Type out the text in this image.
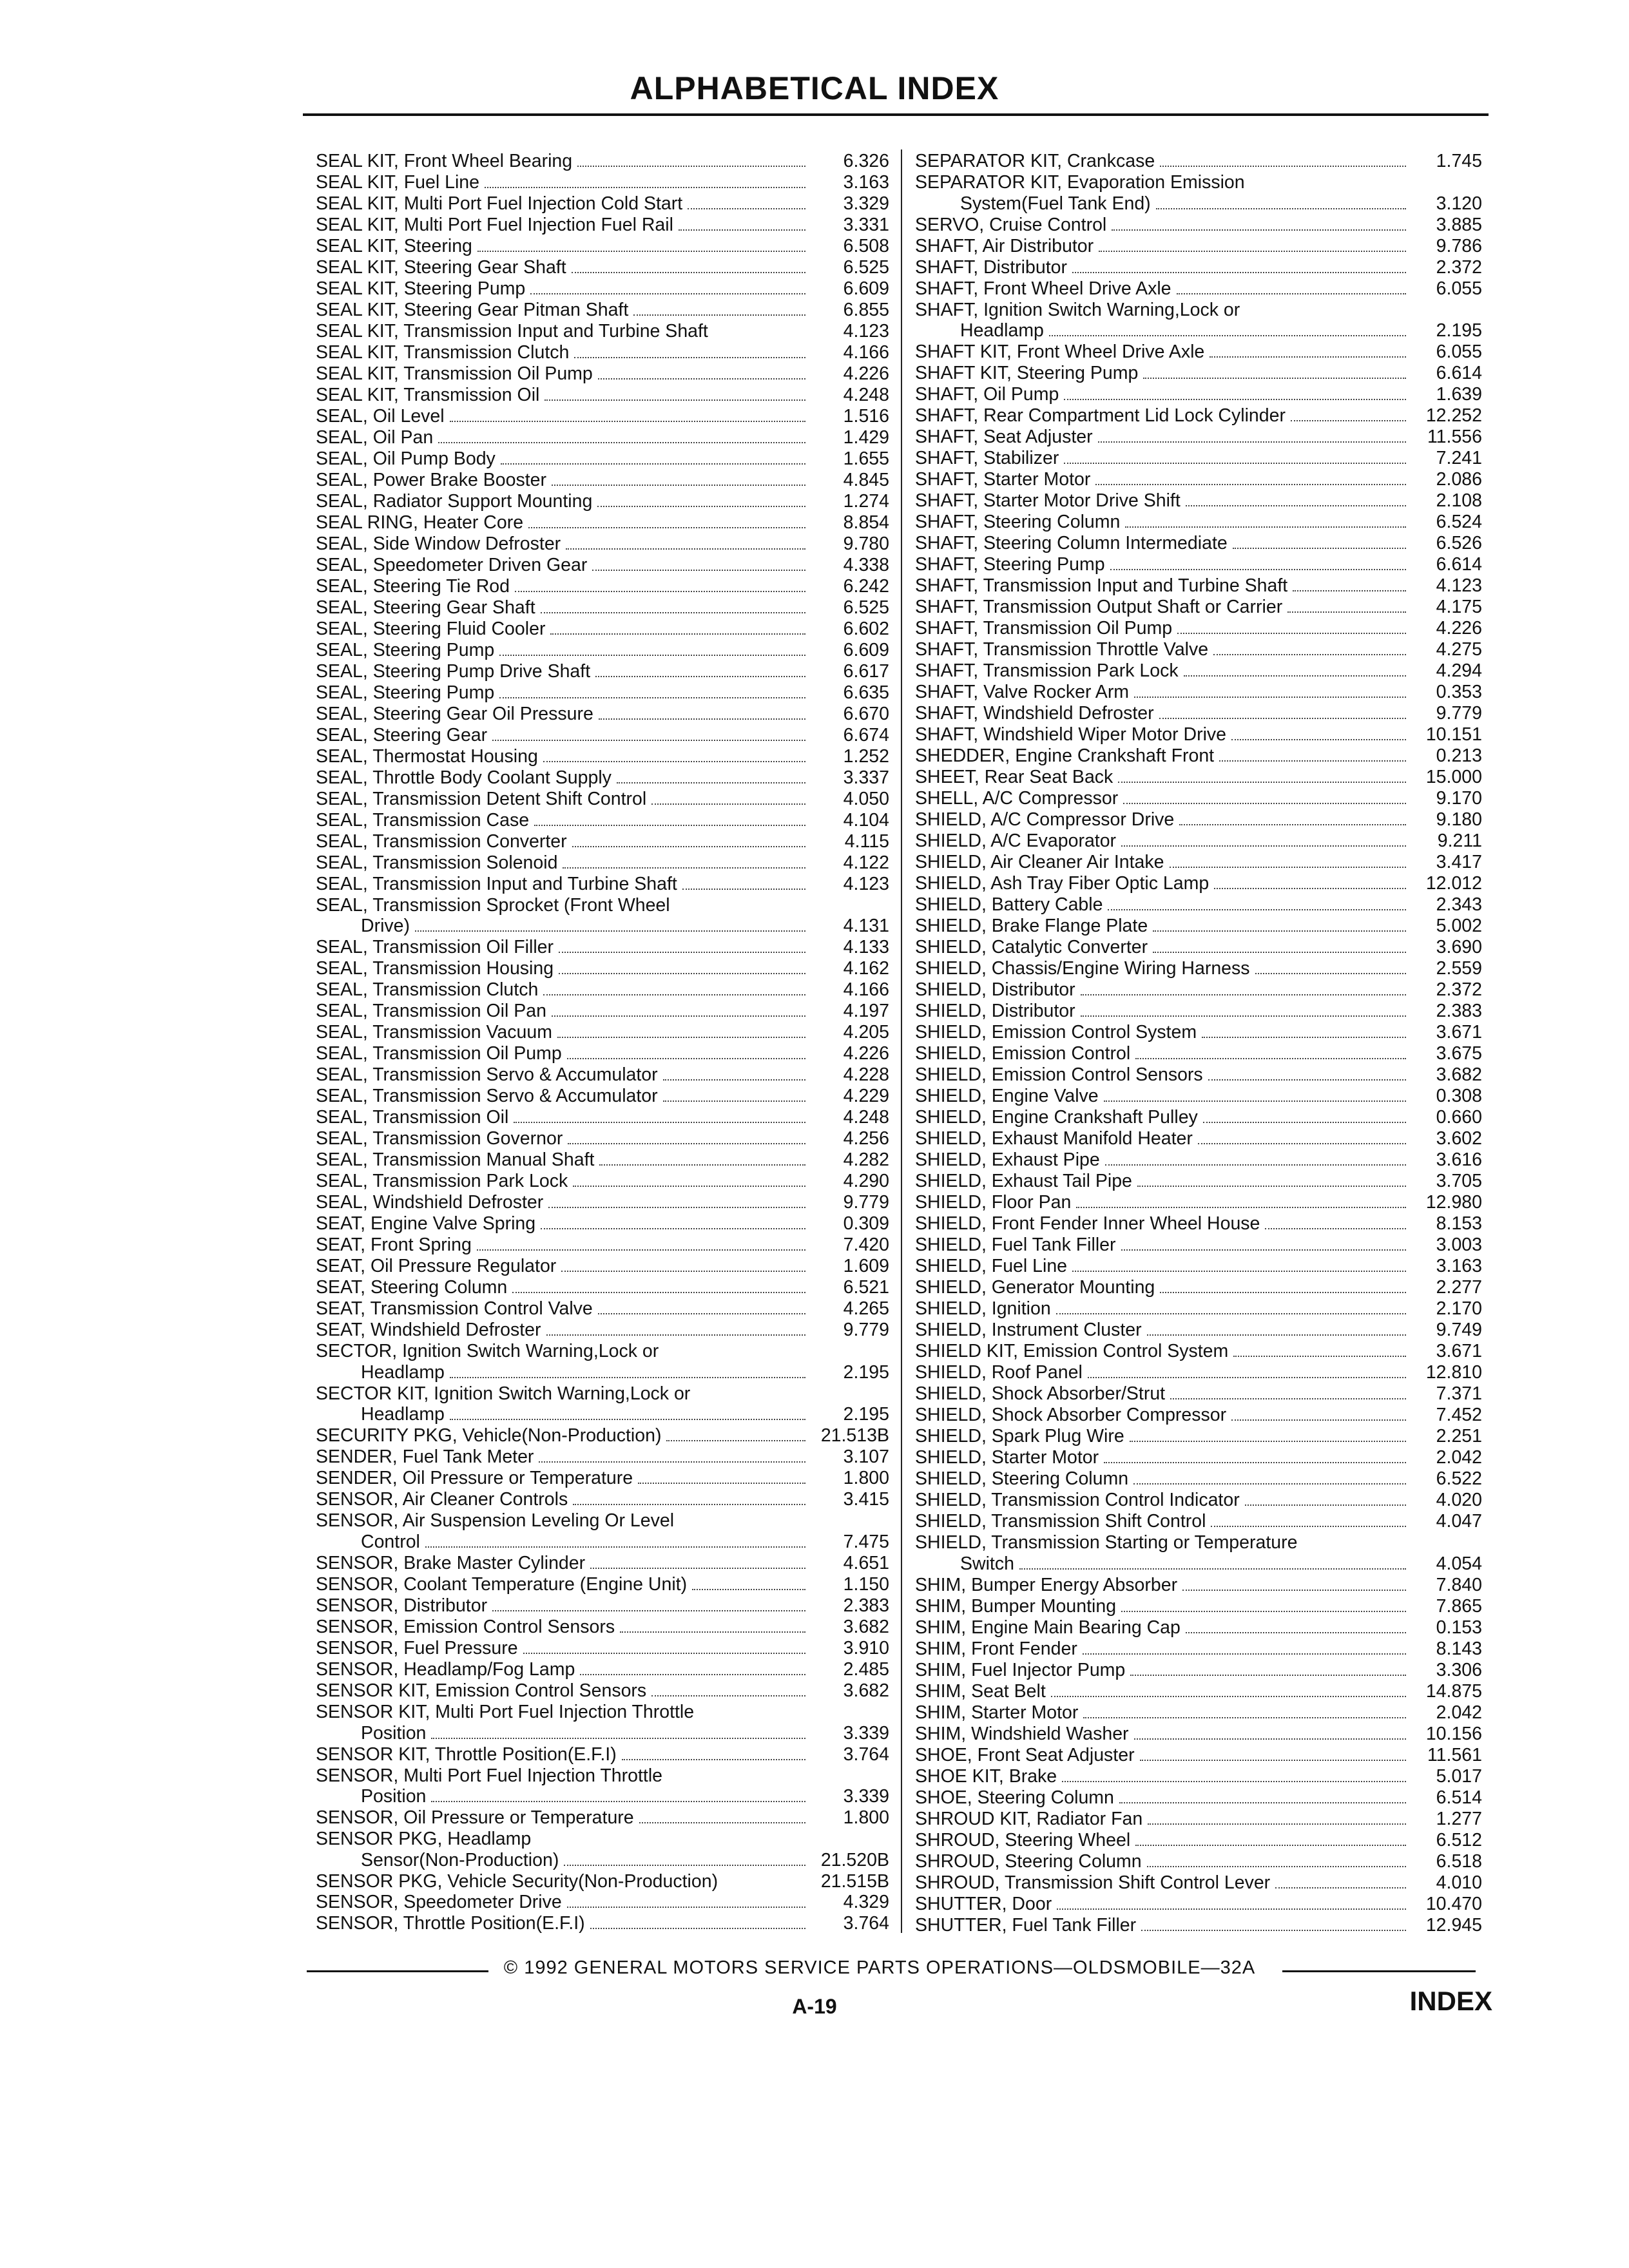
ALPHABETICAL INDEX
SEAL KIT, Front Wheel Bearing	6.326
SEAL KIT, Fuel Line	3.163
SEAL KIT, Multi Port Fuel Injection Cold Start	3.329
SEAL KIT, Multi Port Fuel Injection Fuel Rail	3.331
SEAL KIT, Steering	6.508
SEAL KIT, Steering Gear Shaft	6.525
SEAL KIT, Steering Pump	6.609
SEAL KIT, Steering Gear Pitman Shaft	6.855
SEAL KIT, Transmission Input and Turbine Shaft	4.123
SEAL KIT, Transmission Clutch	4.166
SEAL KIT, Transmission Oil Pump	4.226
SEAL KIT, Transmission Oil	4.248
SEAL, Oil Level	1.516
SEAL, Oil Pan	1.429
SEAL, Oil Pump Body	1.655
SEAL, Power Brake Booster	4.845
SEAL, Radiator Support Mounting	1.274
SEAL RING, Heater Core	8.854
SEAL, Side Window Defroster	9.780
SEAL, Speedometer Driven Gear	4.338
SEAL, Steering Tie Rod	6.242
SEAL, Steering Gear Shaft	6.525
SEAL, Steering Fluid Cooler	6.602
SEAL, Steering Pump	6.609
SEAL, Steering Pump Drive Shaft	6.617
SEAL, Steering Pump	6.635
SEAL, Steering Gear Oil Pressure	6.670
SEAL, Steering Gear	6.674
SEAL, Thermostat Housing	1.252
SEAL, Throttle Body Coolant Supply	3.337
SEAL, Transmission Detent Shift Control	4.050
SEAL, Transmission Case	4.104
SEAL, Transmission Converter	4.115
SEAL, Transmission Solenoid	4.122
SEAL, Transmission Input and Turbine Shaft	4.123
SEAL, Transmission Sprocket (Front Wheel
Drive)	4.131
SEAL, Transmission Oil Filler	4.133
SEAL, Transmission Housing	4.162
SEAL, Transmission Clutch	4.166
SEAL, Transmission Oil Pan	4.197
SEAL, Transmission Vacuum	4.205
SEAL, Transmission Oil Pump	4.226
SEAL, Transmission Servo & Accumulator	4.228
SEAL, Transmission Servo & Accumulator	4.229
SEAL, Transmission Oil	4.248
SEAL, Transmission Governor	4.256
SEAL, Transmission Manual Shaft	4.282
SEAL, Transmission Park Lock	4.290
SEAL, Windshield Defroster	9.779
SEAT, Engine Valve Spring	0.309
SEAT, Front Spring	7.420
SEAT, Oil Pressure Regulator	1.609
SEAT, Steering Column	6.521
SEAT, Transmission Control Valve	4.265
SEAT, Windshield Defroster	9.779
SECTOR, Ignition Switch Warning,Lock or
Headlamp	2.195
SECTOR KIT, Ignition Switch Warning,Lock or
Headlamp	2.195
SECURITY PKG, Vehicle(Non-Production)	21.513B
SENDER, Fuel Tank Meter	3.107
SENDER, Oil Pressure or Temperature	1.800
SENSOR, Air Cleaner Controls	3.415
SENSOR, Air Suspension Leveling Or Level
Control	7.475
SENSOR, Brake Master Cylinder	4.651
SENSOR, Coolant Temperature (Engine Unit)	1.150
SENSOR, Distributor	2.383
SENSOR, Emission Control Sensors	3.682
SENSOR, Fuel Pressure	3.910
SENSOR, Headlamp/Fog Lamp	2.485
SENSOR KIT, Emission Control Sensors	3.682
SENSOR KIT, Multi Port Fuel Injection Throttle
Position	3.339
SENSOR KIT, Throttle Position(E.F.I)	3.764
SENSOR, Multi Port Fuel Injection Throttle
Position	3.339
SENSOR, Oil Pressure or Temperature	1.800
SENSOR PKG, Headlamp
Sensor(Non-Production)	21.520B
SENSOR PKG, Vehicle Security(Non-Production)	21.515B
SENSOR, Speedometer Drive	4.329
SENSOR, Throttle Position(E.F.I)	3.764
SEPARATOR KIT, Crankcase	1.745
SEPARATOR KIT, Evaporation Emission
System(Fuel Tank End)	3.120
SERVO, Cruise Control	3.885
SHAFT, Air Distributor	9.786
SHAFT, Distributor	2.372
SHAFT, Front Wheel Drive Axle	6.055
SHAFT, Ignition Switch Warning,Lock or
Headlamp	2.195
SHAFT KIT, Front Wheel Drive Axle	6.055
SHAFT KIT, Steering Pump	6.614
SHAFT, Oil Pump	1.639
SHAFT, Rear Compartment Lid Lock Cylinder	12.252
SHAFT, Seat Adjuster	11.556
SHAFT, Stabilizer	7.241
SHAFT, Starter Motor	2.086
SHAFT, Starter Motor Drive Shift	2.108
SHAFT, Steering Column	6.524
SHAFT, Steering Column Intermediate	6.526
SHAFT, Steering Pump	6.614
SHAFT, Transmission Input and Turbine Shaft	4.123
SHAFT, Transmission Output Shaft or Carrier	4.175
SHAFT, Transmission Oil Pump	4.226
SHAFT, Transmission Throttle Valve	4.275
SHAFT, Transmission Park Lock	4.294
SHAFT, Valve Rocker Arm	0.353
SHAFT, Windshield Defroster	9.779
SHAFT, Windshield Wiper Motor Drive	10.151
SHEDDER, Engine Crankshaft Front	0.213
SHEET, Rear Seat Back	15.000
SHELL, A/C Compressor	9.170
SHIELD, A/C Compressor Drive	9.180
SHIELD, A/C Evaporator	9.211
SHIELD, Air Cleaner Air Intake	3.417
SHIELD, Ash Tray Fiber Optic Lamp	12.012
SHIELD, Battery Cable	2.343
SHIELD, Brake Flange Plate	5.002
SHIELD, Catalytic Converter	3.690
SHIELD, Chassis/Engine Wiring Harness	2.559
SHIELD, Distributor	2.372
SHIELD, Distributor	2.383
SHIELD, Emission Control System	3.671
SHIELD, Emission Control	3.675
SHIELD, Emission Control Sensors	3.682
SHIELD, Engine Valve	0.308
SHIELD, Engine Crankshaft Pulley	0.660
SHIELD, Exhaust Manifold Heater	3.602
SHIELD, Exhaust Pipe	3.616
SHIELD, Exhaust Tail Pipe	3.705
SHIELD, Floor Pan	12.980
SHIELD, Front Fender Inner Wheel House	8.153
SHIELD, Fuel Tank Filler	3.003
SHIELD, Fuel Line	3.163
SHIELD, Generator Mounting	2.277
SHIELD, Ignition	2.170
SHIELD, Instrument Cluster	9.749
SHIELD KIT, Emission Control System	3.671
SHIELD, Roof Panel	12.810
SHIELD, Shock Absorber/Strut	7.371
SHIELD, Shock Absorber Compressor	7.452
SHIELD, Spark Plug Wire	2.251
SHIELD, Starter Motor	2.042
SHIELD, Steering Column	6.522
SHIELD, Transmission Control Indicator	4.020
SHIELD, Transmission Shift Control	4.047
SHIELD, Transmission Starting or Temperature
Switch	4.054
SHIM, Bumper Energy Absorber	7.840
SHIM, Bumper Mounting	7.865
SHIM, Engine Main Bearing Cap	0.153
SHIM, Front Fender	8.143
SHIM, Fuel Injector Pump	3.306
SHIM, Seat Belt	14.875
SHIM, Starter Motor	2.042
SHIM, Windshield Washer	10.156
SHOE, Front Seat Adjuster	11.561
SHOE KIT, Brake	5.017
SHOE, Steering Column	6.514
SHROUD KIT, Radiator Fan	1.277
SHROUD, Steering Wheel	6.512
SHROUD, Steering Column	6.518
SHROUD, Transmission Shift Control Lever	4.010
SHUTTER, Door	10.470
SHUTTER, Fuel Tank Filler	12.945
© 1992 GENERAL MOTORS SERVICE PARTS OPERATIONS—OLDSMOBILE—32A
A-19	INDEX
